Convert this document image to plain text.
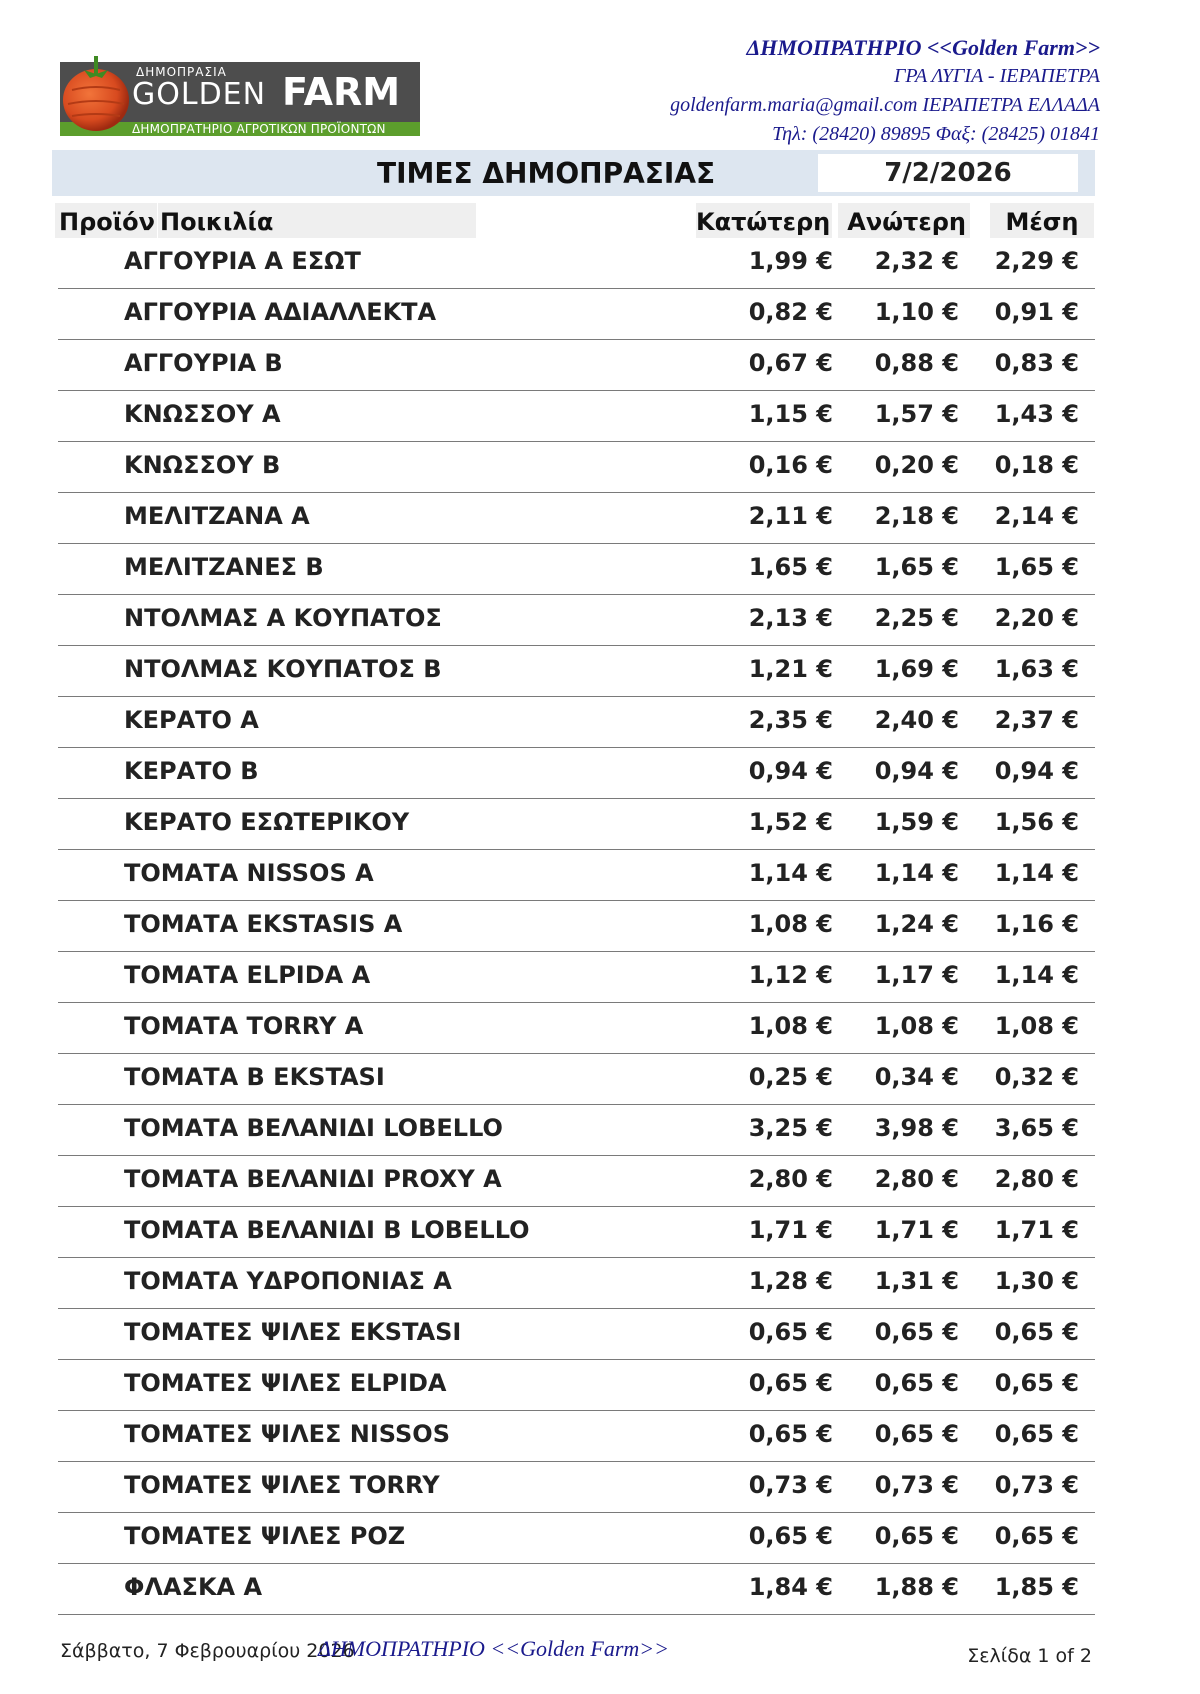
ΔΗΜΟΠΡΑΣΙΑ
GOLDEN FARM
ΔΗΜΟΠΡΑΤΗΡΙΟ ΑΓΡΟΤΙΚΩΝ ΠΡΟΪΟΝΤΩΝ
ΔΗΜΟΠΡΑΤΗΡΙΟ <<Golden Farm>>
ΓΡΑ ΛΥΓΙΑ - ΙΕΡΑΠΕΤΡΑ
goldenfarm.maria@gmail.com ΙΕΡΑΠΕΤΡΑ ΕΛΛΑΔΑ
Τηλ: (28420) 89895 Φαξ: (28425) 01841
ΤΙΜΕΣ ΔΗΜΟΠΡΑΣΙΑΣ	7/2/2026
Προϊόν Ποικιλία	Κατώτερη Ανώτερη	Μέση
ΑΓΓΟΥΡΙΑ Α ΕΣΩΤ	1,99 € 2,32 € 2,29 €
ΑΓΓΟΥΡΙΑ ΑΔΙΑΛΛΕΚΤΑ	0,82 € 1,10 € 0,91 €
ΑΓΓΟΥΡΙΑ Β	0,67 € 0,88 € 0,83 €
ΚΝΩΣΣΟΥ Α	1,15 € 1,57 € 1,43 €
ΚΝΩΣΣΟΥ Β	0,16 € 0,20 € 0,18 €
ΜΕΛΙΤΖΑΝΑ Α	2,11 € 2,18 € 2,14 €
ΜΕΛΙΤΖΑΝΕΣ Β	1,65 € 1,65 € 1,65 €
ΝΤΟΛΜΑΣ Α ΚΟΥΠΑΤΟΣ	2,13 € 2,25 € 2,20 €
ΝΤΟΛΜΑΣ ΚΟΥΠΑΤΟΣ Β	1,21 € 1,69 € 1,63 €
ΚΕΡΑΤΟ Α	2,35 € 2,40 € 2,37 €
ΚΕΡΑΤΟ Β	0,94 € 0,94 € 0,94 €
ΚΕΡΑΤΟ ΕΣΩΤΕΡΙΚΟΥ	1,52 € 1,59 € 1,56 €
ΤΟΜΑΤΑ NISSOS Α	1,14 € 1,14 € 1,14 €
ΤΟΜΑΤΑ EKSTASIS Α	1,08 € 1,24 € 1,16 €
ΤΟΜΑΤΑ ELPIDA Α	1,12 € 1,17 € 1,14 €
ΤΟΜΑΤΑ TORRY Α	1,08 € 1,08 € 1,08 €
ΤΟΜΑΤΑ Β EKSTASI	0,25 € 0,34 € 0,32 €
ΤΟΜΑΤΑ ΒΕΛΑΝΙΔΙ LOBELLO	3,25 € 3,98 € 3,65 €
ΤΟΜΑΤΑ ΒΕΛΑΝΙΔΙ PROXY Α	2,80 € 2,80 € 2,80 €
ΤΟΜΑΤΑ ΒΕΛΑΝΙΔΙ Β LOBELLO	1,71 € 1,71 € 1,71 €
ΤΟΜΑΤΑ ΥΔΡΟΠΟΝΙΑΣ Α	1,28 € 1,31 € 1,30 €
ΤΟΜΑΤΕΣ ΨΙΛΕΣ EKSTASI	0,65 € 0,65 € 0,65 €
ΤΟΜΑΤΕΣ ΨΙΛΕΣ ELPIDA	0,65 € 0,65 € 0,65 €
ΤΟΜΑΤΕΣ ΨΙΛΕΣ NISSOS	0,65 € 0,65 € 0,65 €
ΤΟΜΑΤΕΣ ΨΙΛΕΣ TORRY	0,73 € 0,73 € 0,73 €
ΤΟΜΑΤΕΣ ΨΙΛΕΣ ΡΟΖ	0,65 € 0,65 € 0,65 €
ΦΛΑΣΚΑ Α	1,84 € 1,88 € 1,85 €
Σάββατο, 7 Φεβρουαρίου 2026
ΔΗΜΟΠΡΑΤΗΡΙΟ <<Golden Farm>>	Σελίδα 1 of 2
